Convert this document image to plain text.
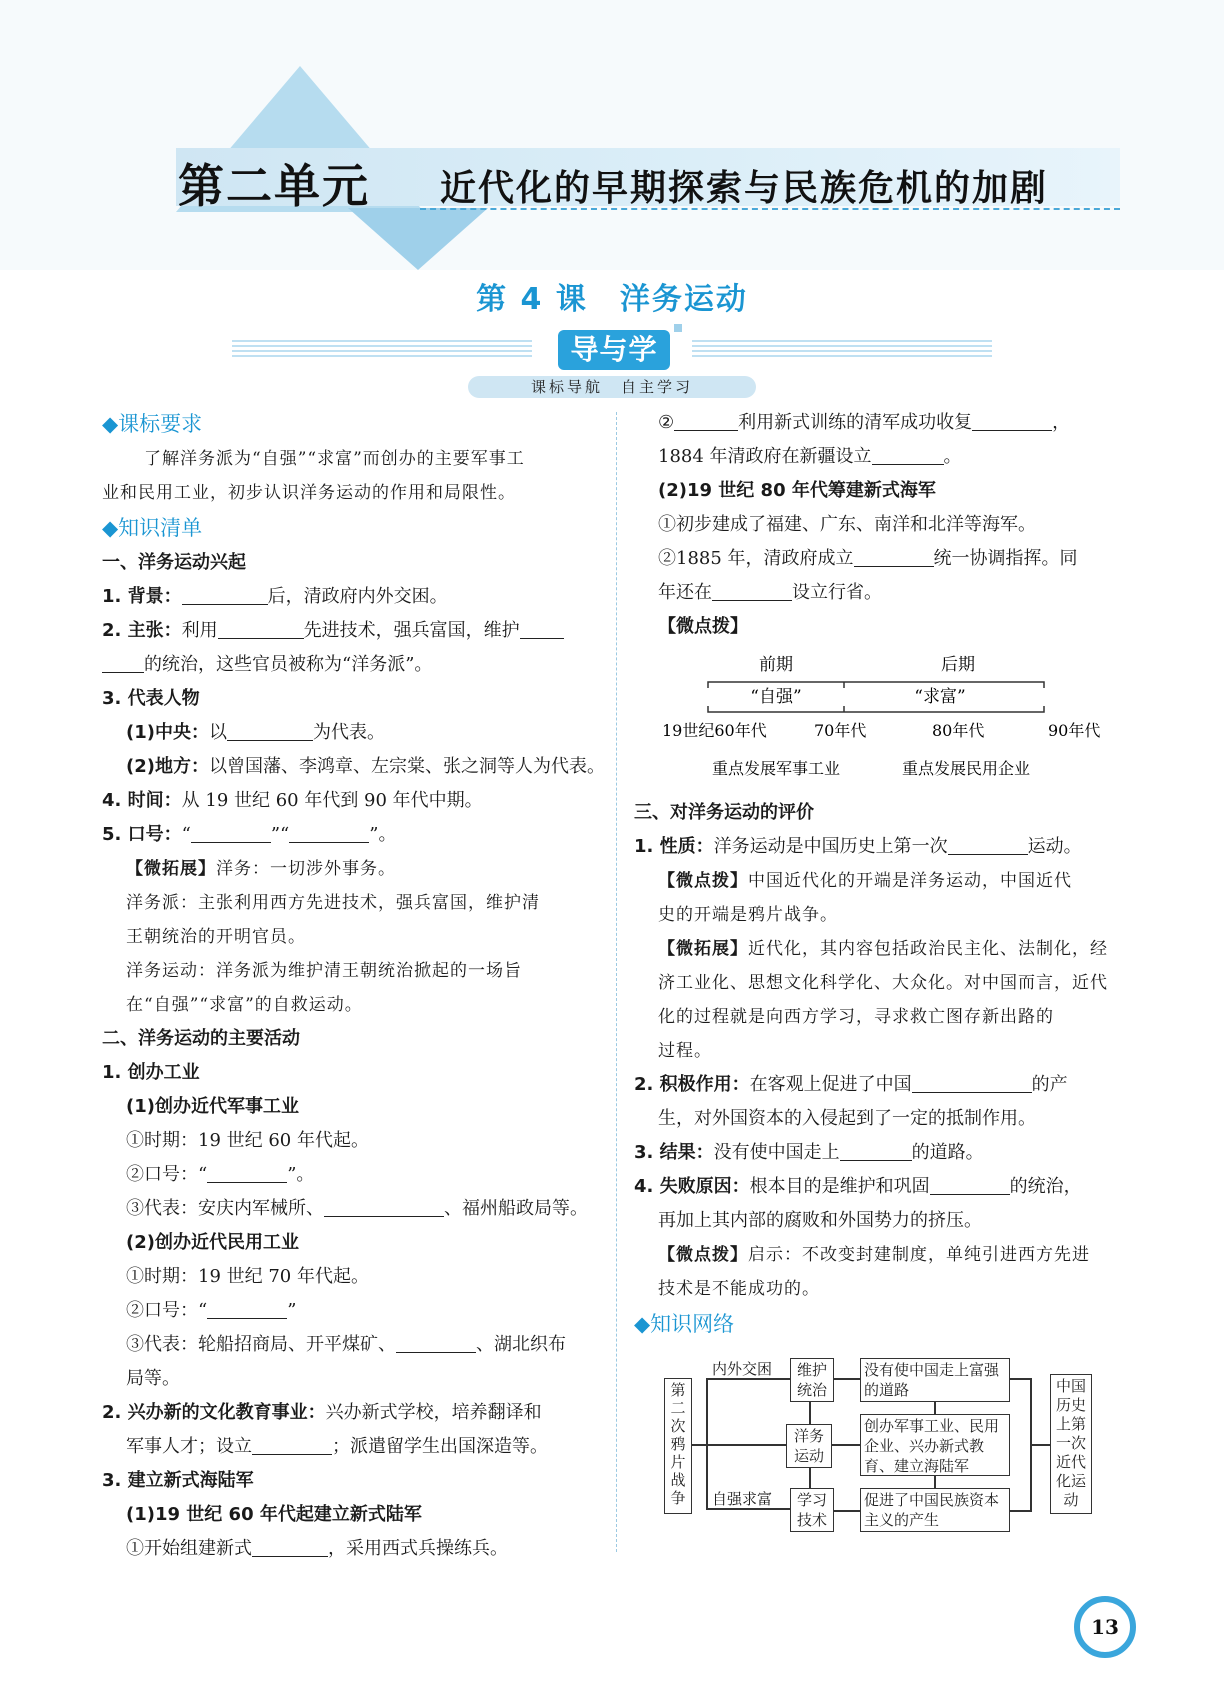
第二单元 近代化的早期探索与民族危机的加剧
第 4 课　洋务运动
导与学
课标导航　自主学习

◆课标要求

了解洋务派为“自强”“求富”而创办的主要军事工

业和民用工业，初步认识洋务运动的作用和局限性。

◆知识清单

一、洋务运动兴起

1. 背景：	后，清政府内外交困。

2. 主张：利用	先进技术，强兵富国，维护

的统治，这些官员被称为“洋务派”。

3. 代表人物

(1)中央：以	为代表。

(2)地方：以曾国藩、李鸿章、左宗棠、张之洞等人为代表。

4. 时间：从 19 世纪 60 年代到 90 年代中期。

5. 口号：“	”“	”。

【微拓展】洋务：一切涉外事务。

洋务派：主张利用西方先进技术，强兵富国，维护清

王朝统治的开明官员。

洋务运动：洋务派为维护清王朝统治掀起的一场旨

在“自强”“求富”的自救运动。

二、洋务运动的主要活动

1. 创办工业

(1)创办近代军事工业

①时期：19 世纪 60 年代起。

②口号：“	”。

③代表：安庆内军械所、	、福州船政局等。

(2)创办近代民用工业

①时期：19 世纪 70 年代起。

②口号：“	”

③代表：轮船招商局、开平煤矿、	、湖北织布

局等。

2. 兴办新的文化教育事业：兴办新式学校，培养翻译和

军事人才；设立	；派遣留学生出国深造等。

3. 建立新式海陆军

(1)19 世纪 60 年代起建立新式陆军

①开始组建新式	，采用西式兵操练兵。

②	利用新式训练的清军成功收复	，

1884 年清政府在新疆设立	。

(2)19 世纪 80 年代筹建新式海军

①初步建成了福建、广东、南洋和北洋等海军。

②1885 年，清政府成立	统一协调指挥。同

年还在	设立行省。

【微点拨】

前期	后期
“自强”	“求富”
19世纪60年代	70年代	80年代	90年代
重点发展军事工业	重点发展民用企业

三、对洋务运动的评价

1. 性质：洋务运动是中国历史上第一次	运动。

【微点拨】中国近代化的开端是洋务运动，中国近代

史的开端是鸦片战争。

【微拓展】近代化，其内容包括政治民主化、法制化，经

济工业化、思想文化科学化、大众化。对中国而言，近代

化的过程就是向西方学习，寻求救亡图存新出路的

过程。

2. 积极作用：在客观上促进了中国	的产

生，对外国资本的入侵起到了一定的抵制作用。

3. 结果：没有使中国走上	的道路。

4. 失败原因：根本目的是维护和巩固	的统治，

再加上其内部的腐败和外国势力的挤压。

【微点拨】启示：不改变封建制度，单纯引进西方先进

技术是不能成功的。

◆知识网络

第二次鸦片战争
内外交困
自强求富
维护统治
洋务运动
学习技术
没有使中国走上富强的道路
创办军事工业、民用企业、兴办新式教育、建立海陆军
促进了中国民族资本主义的产生
中国历史上第一次近代化运动
13
